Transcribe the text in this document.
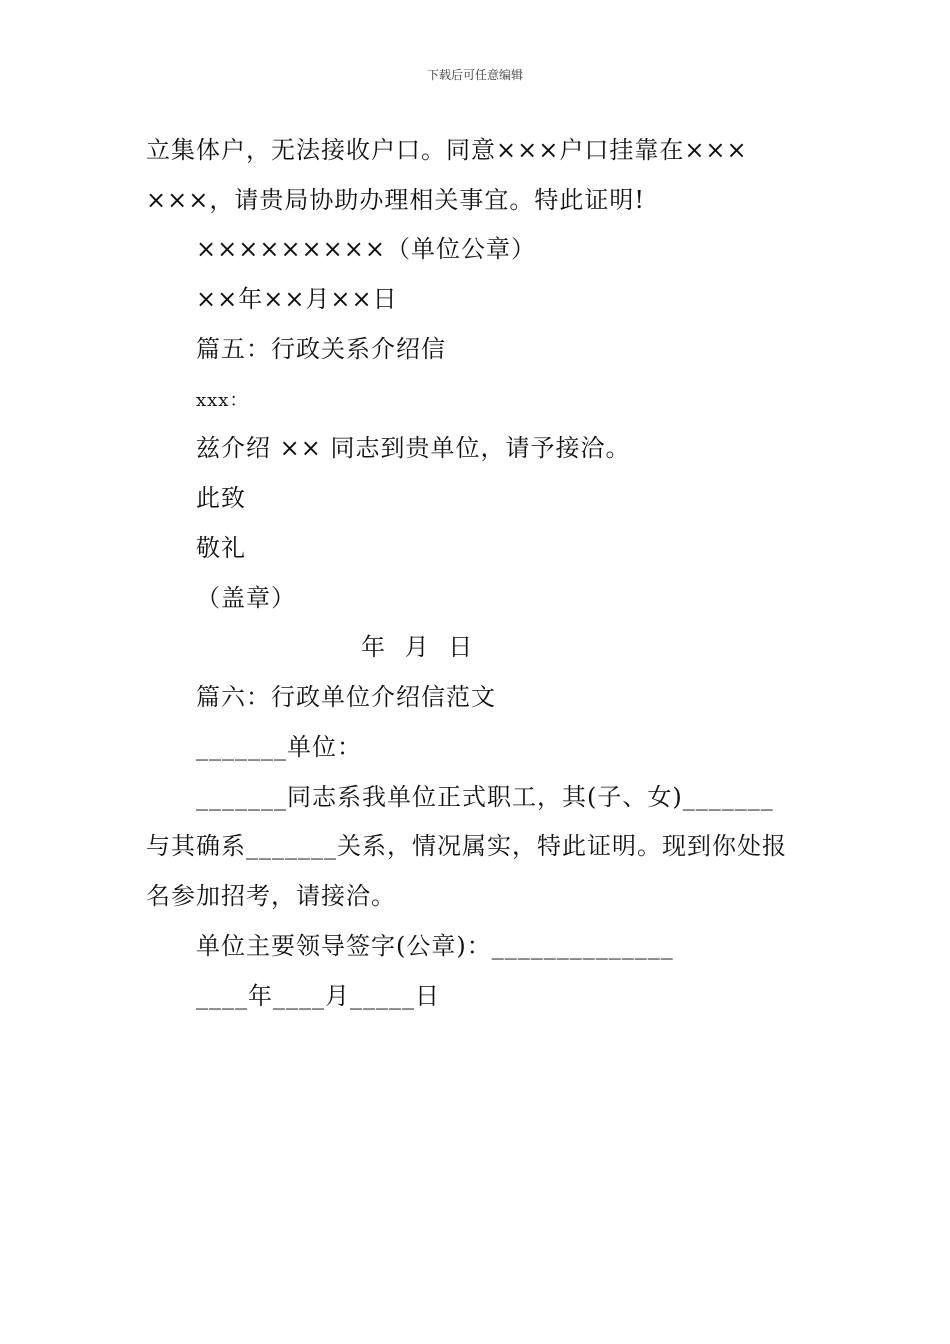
下载后可任意编辑
立集体户，无法接收户口。同意×××户口挂靠在×××
×××，请贵局协助办理相关事宜。特此证明!
×××××××××（单位公章）
××年××月××日
篇五：行政关系介绍信
xxx：
兹介绍 ×× 同志到贵单位，请予接洽。
此致
敬礼
（盖章）
年 月 日
篇六：行政单位介绍信范文
_______单位：
_______同志系我单位正式职工，其(子、女)_______
与其确系_______关系，情况属实，特此证明。现到你处报
名参加招考，请接洽。
单位主要领导签字(公章)：______________
____年____月_____日
